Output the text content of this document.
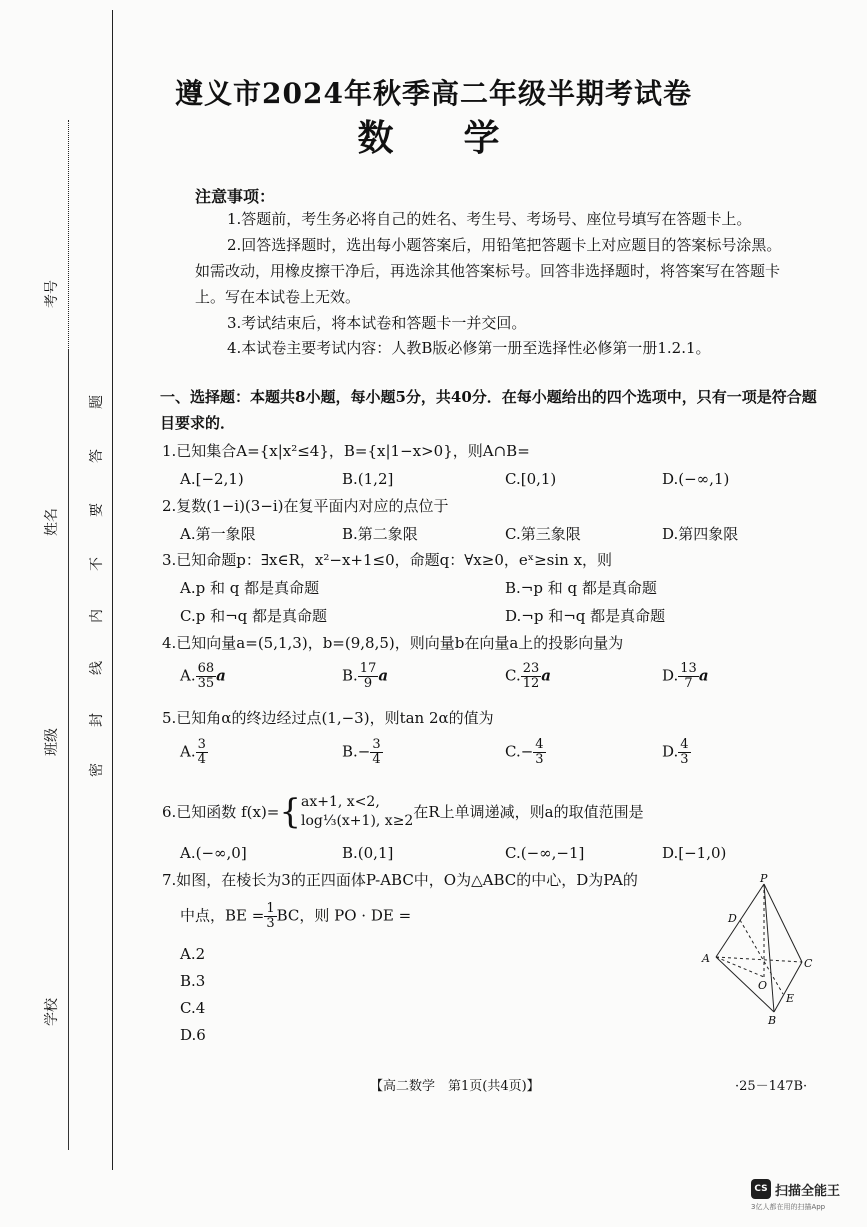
考号
姓名
班级
学校
题
答
要
不
内
线
封
密
遵义市2024年秋季高二年级半期考试卷
数学
注意事项：
1.答题前，考生务必将自己的姓名、考生号、考场号、座位号填写在答题卡上。
2.回答选择题时，选出每小题答案后，用铅笔把答题卡上对应题目的答案标号涂黑。如需改动，用橡皮擦干净后，再选涂其他答案标号。回答非选择题时，将答案写在答题卡上。写在本试卷上无效。
3.考试结束后，将本试卷和答题卡一并交回。
4.本试卷主要考试内容：人教B版必修第一册至选择性必修第一册1.2.1。
一、选择题：本题共8小题，每小题5分，共40分．在每小题给出的四个选项中，只有一项是符合题目要求的．
1.已知集合A={x|x²≤4}，B={x|1−x>0}，则A∩B=
A.[−2,1)	B.(1,2]	C.[0,1)	D.(−∞,1)
2.复数(1−i)(3−i)在复平面内对应的点位于
A.第一象限	B.第二象限	C.第三象限	D.第四象限
3.已知命题p：∃x∈R，x²−x+1≤0，命题q：∀x≥0，eˣ≥sin x，则
A.p 和 q 都是真命题	B.¬p 和 q 都是真命题
C.p 和¬q 都是真命题	D.¬p 和¬q 都是真命题
4.已知向量a=(5,1,3)，b=(9,8,5)，则向量b在向量a上的投影向量为
A. $\frac{68}{35}$ a	B. $\frac{17}{9}$ a	C. $\frac{23}{12}$ a	D. $\frac{13}{7}$ a
5.已知角α的终边经过点(1,−3)，则tan 2α的值为
A. $\frac{3}{4}$	$B.- \frac{3}{4}$	$C.- \frac{4}{3}$	D. $\frac{4}{3}$
6.已知函数 f(x)={ ax+1, x<2,
log⅓(x+1), x≥2 在R上单调递减，则a的取值范围是
A.(−∞,0]	B.(0,1]	C.(−∞,−1]	D.[−1,0)
7.如图，在棱长为3的正四面体P-ABC中，O为△ABC的中心，D为PA的
中点，BE = $\frac{1}{3}$ BC，则 PO · DE =
A.2
B.3
C.4
D.6
P
D
A	C
O
E
B
【高二数学　第1页(共4页)】	·25－147B·
CS 扫描全能王
3亿人都在用的扫描App
